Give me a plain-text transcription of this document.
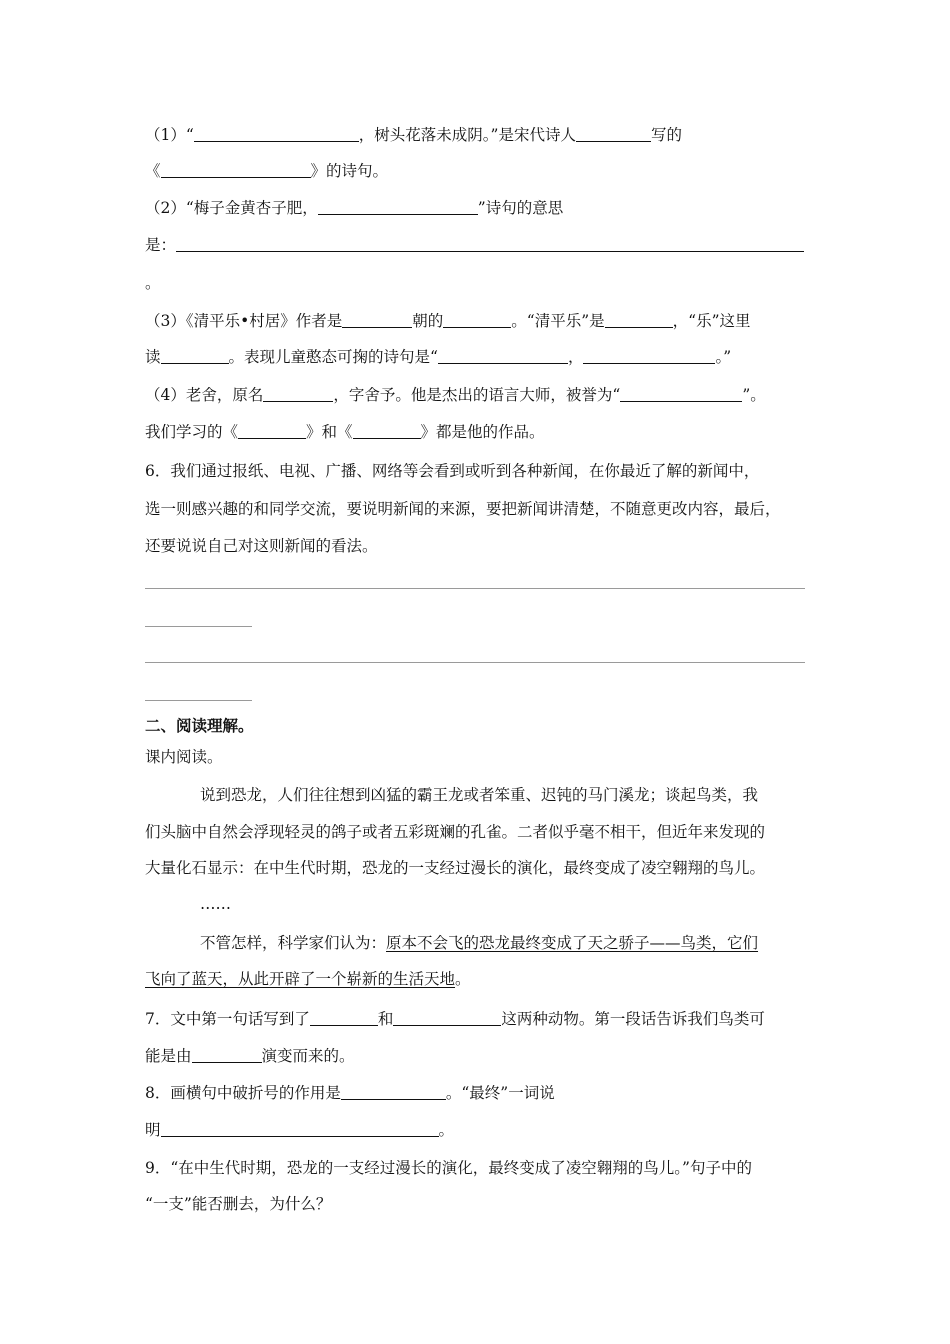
（1）“	，树头花落未成阴。”是宋代诗人	写的
《	》的诗句。
（2）“梅子金黄杏子肥，	”诗句的意思
是：
。
（3）《清平乐•村居》作者是	朝的	。“清平乐”是	，“乐”这里
读	。表现儿童憨态可掬的诗句是“	，	。”
（4）老舍，原名	，字舍予。他是杰出的语言大师，被誉为“	”。
我们学习的《	》和《	》都是他的作品。
6．我们通过报纸、电视、广播、网络等会看到或听到各种新闻，在你最近了解的新闻中，
选一则感兴趣的和同学交流，要说明新闻的来源，要把新闻讲清楚，不随意更改内容，最后，
还要说说自己对这则新闻的看法。
二、阅读理解。
课内阅读。
说到恐龙，人们往往想到凶猛的霸王龙或者笨重、迟钝的马门溪龙；谈起鸟类，我
们头脑中自然会浮现轻灵的鸽子或者五彩斑斓的孔雀。二者似乎毫不相干，但近年来发现的
大量化石显示：在中生代时期，恐龙的一支经过漫长的演化，最终变成了凌空翱翔的鸟儿。
……
不管怎样，科学家们认为：原本不会飞的恐龙最终变成了天之骄子——鸟类，它们
飞向了蓝天，从此开辟了一个崭新的生活天地。
7．文中第一句话写到了	和	这两种动物。第一段话告诉我们鸟类可
能是由	演变而来的。
8．画横句中破折号的作用是	。“最终”一词说
明	。
9．“在中生代时期，恐龙的一支经过漫长的演化，最终变成了凌空翱翔的鸟儿。”句子中的
“一支”能否删去，为什么？
